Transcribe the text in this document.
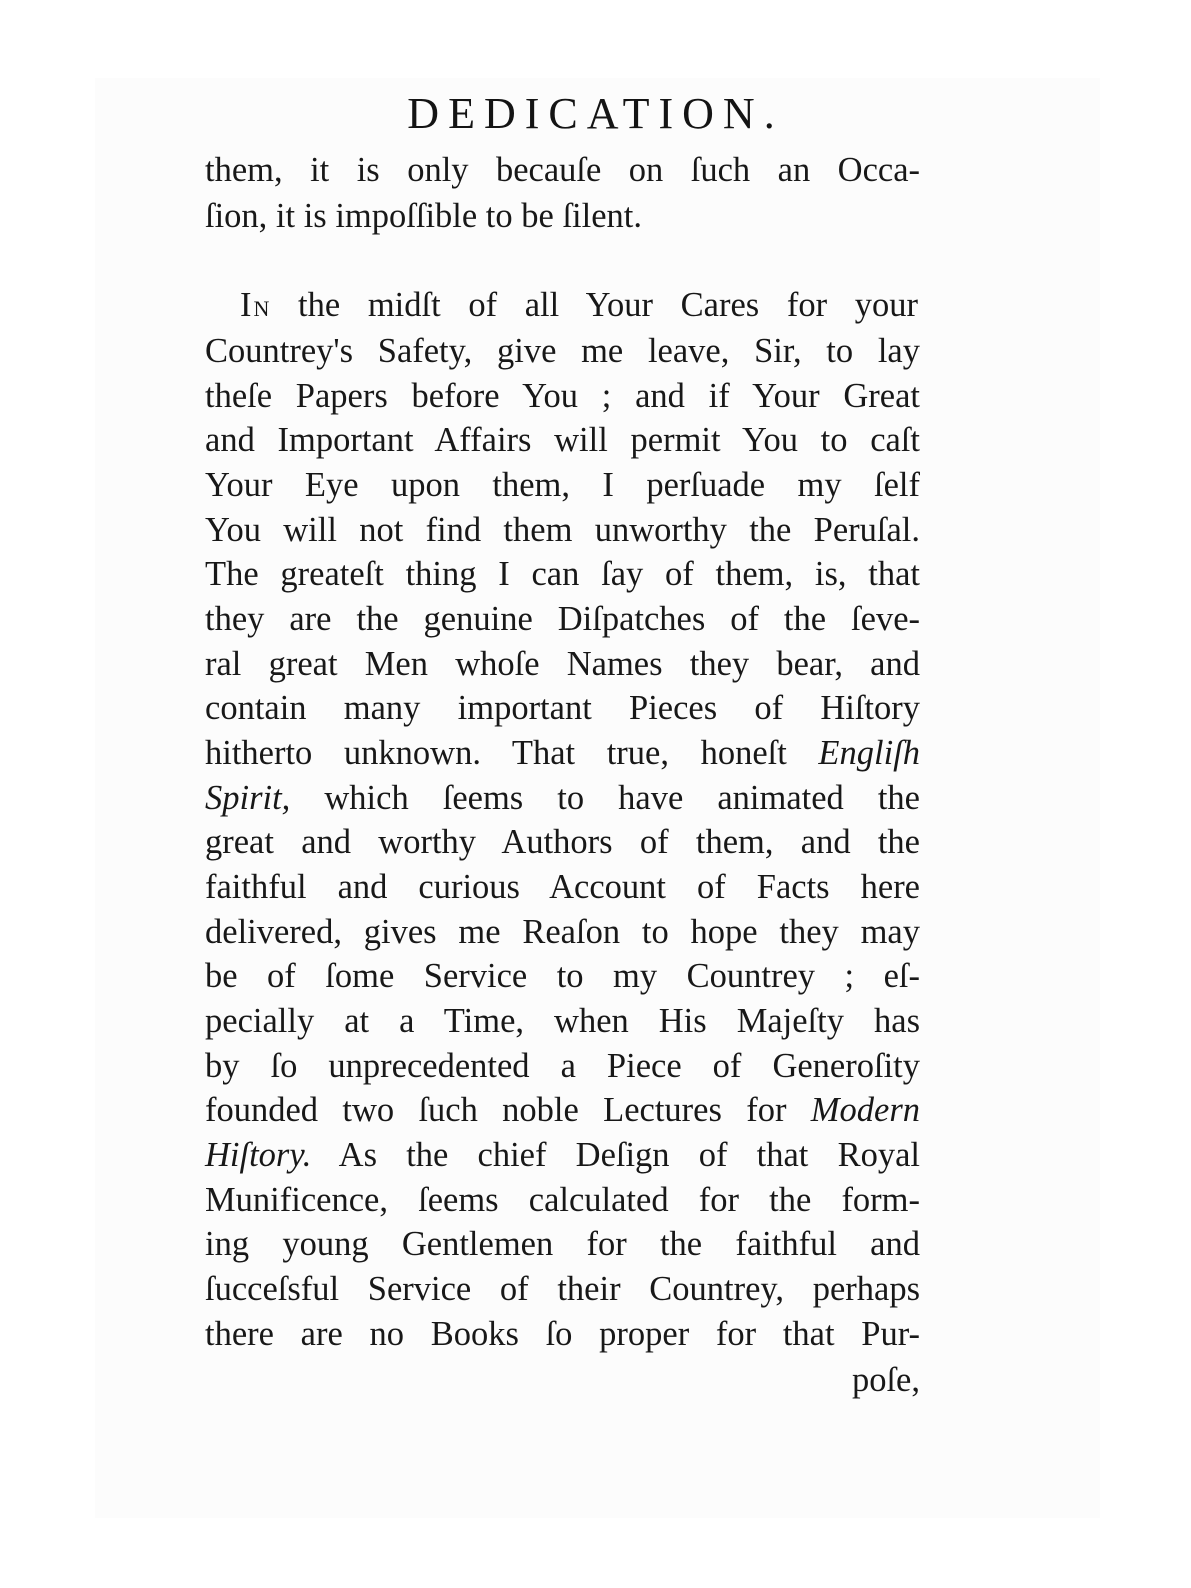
DEDICATION.
them, it is only becauſe on ſuch an Occa-
ſion, it is impoſſible to be ſilent.
IN the midſt of all Your Cares for your
Countrey's Safety, give me leave, Sir, to lay
theſe Papers before You ; and if Your Great
and Important Affairs will permit You to caſt
Your Eye upon them, I perſuade my ſelf
You will not find them unworthy the Peruſal.
The greateſt thing I can ſay of them, is, that
they are the genuine Diſpatches of the ſeve-
ral great Men whoſe Names they bear, and
contain many important Pieces of Hiſtory
hitherto unknown. That true, honeſt Engliſh
Spirit, which ſeems to have animated the
great and worthy Authors of them, and the
faithful and curious Account of Facts here
delivered, gives me Reaſon to hope they may
be of ſome Service to my Countrey ; eſ-
pecially at a Time, when His Majeſty has
by ſo unprecedented a Piece of Generoſity
founded two ſuch noble Lectures for Modern
Hiſtory. As the chief Deſign of that Royal
Munificence, ſeems calculated for the form-
ing young Gentlemen for the faithful and
ſucceſsful Service of their Countrey, perhaps
there are no Books ſo proper for that Pur-
poſe,
